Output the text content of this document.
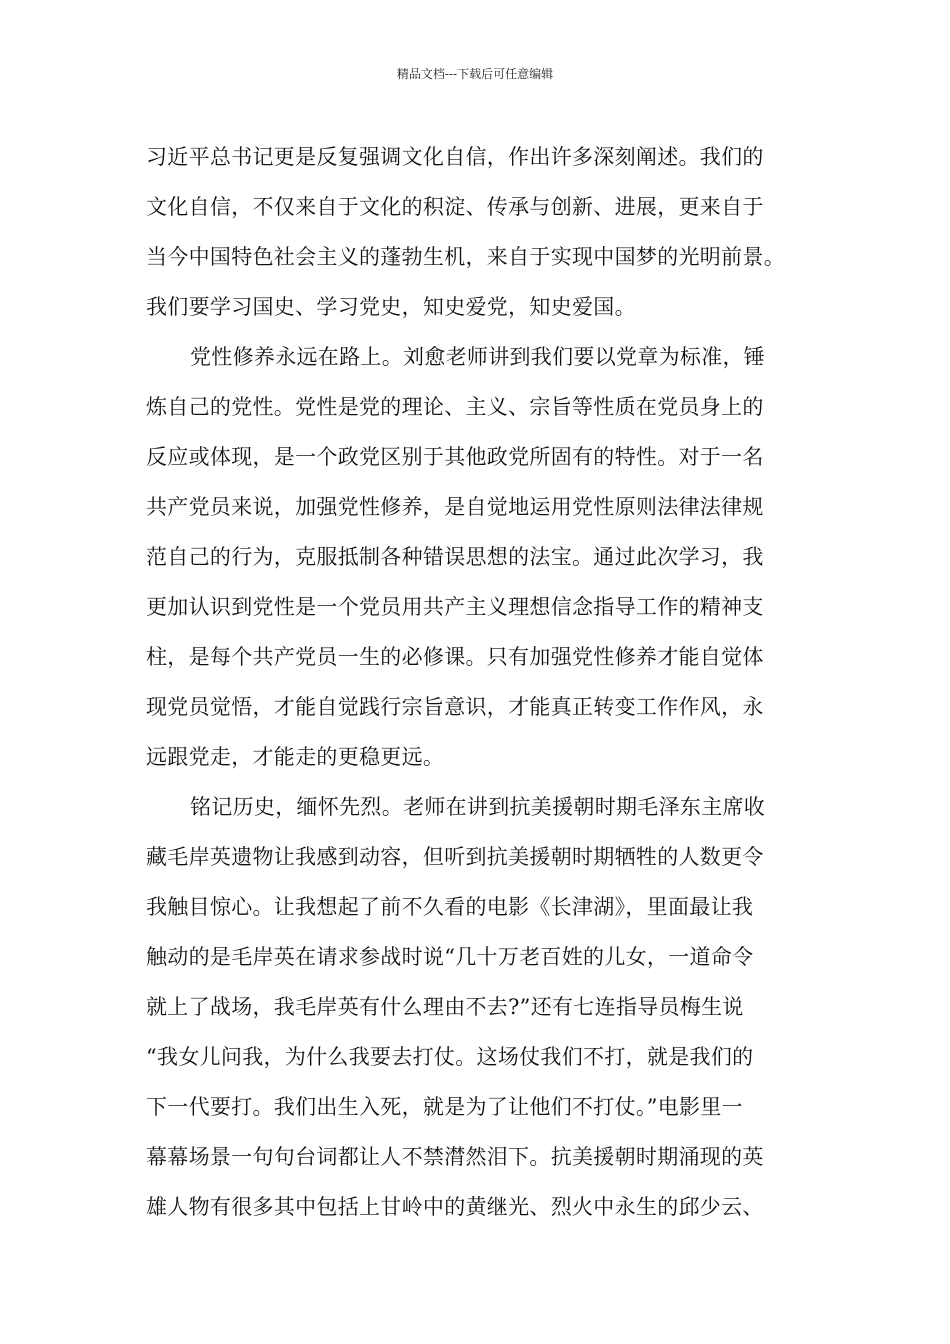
精品文档---下载后可任意编辑
习近平总书记更是反复强调文化自信，作出许多深刻阐述。我们的
文化自信，不仅来自于文化的积淀、传承与创新、进展，更来自于
当今中国特色社会主义的蓬勃生机，来自于实现中国梦的光明前景。
我们要学习国史、学习党史，知史爱党，知史爱国。
党性修养永远在路上。刘愈老师讲到我们要以党章为标准，锤
炼自己的党性。党性是党的理论、主义、宗旨等性质在党员身上的
反应或体现，是一个政党区别于其他政党所固有的特性。对于一名
共产党员来说，加强党性修养，是自觉地运用党性原则法律法律规
范自己的行为，克服抵制各种错误思想的法宝。通过此次学习，我
更加认识到党性是一个党员用共产主义理想信念指导工作的精神支
柱，是每个共产党员一生的必修课。只有加强党性修养才能自觉体
现党员觉悟，才能自觉践行宗旨意识，才能真正转变工作作风，永
远跟党走，才能走的更稳更远。
铭记历史，缅怀先烈。老师在讲到抗美援朝时期毛泽东主席收
藏毛岸英遗物让我感到动容，但听到抗美援朝时期牺牲的人数更令
我触目惊心。让我想起了前不久看的电影《长津湖》，里面最让我
触动的是毛岸英在请求参战时说“几十万老百姓的儿女，一道命令
就上了战场，我毛岸英有什么理由不去?”还有七连指导员梅生说
“我女儿问我，为什么我要去打仗。这场仗我们不打，就是我们的
下一代要打。我们出生入死，就是为了让他们不打仗。”电影里一
幕幕场景一句句台词都让人不禁潸然泪下。抗美援朝时期涌现的英
雄人物有很多其中包括上甘岭中的黄继光、烈火中永生的邱少云、
